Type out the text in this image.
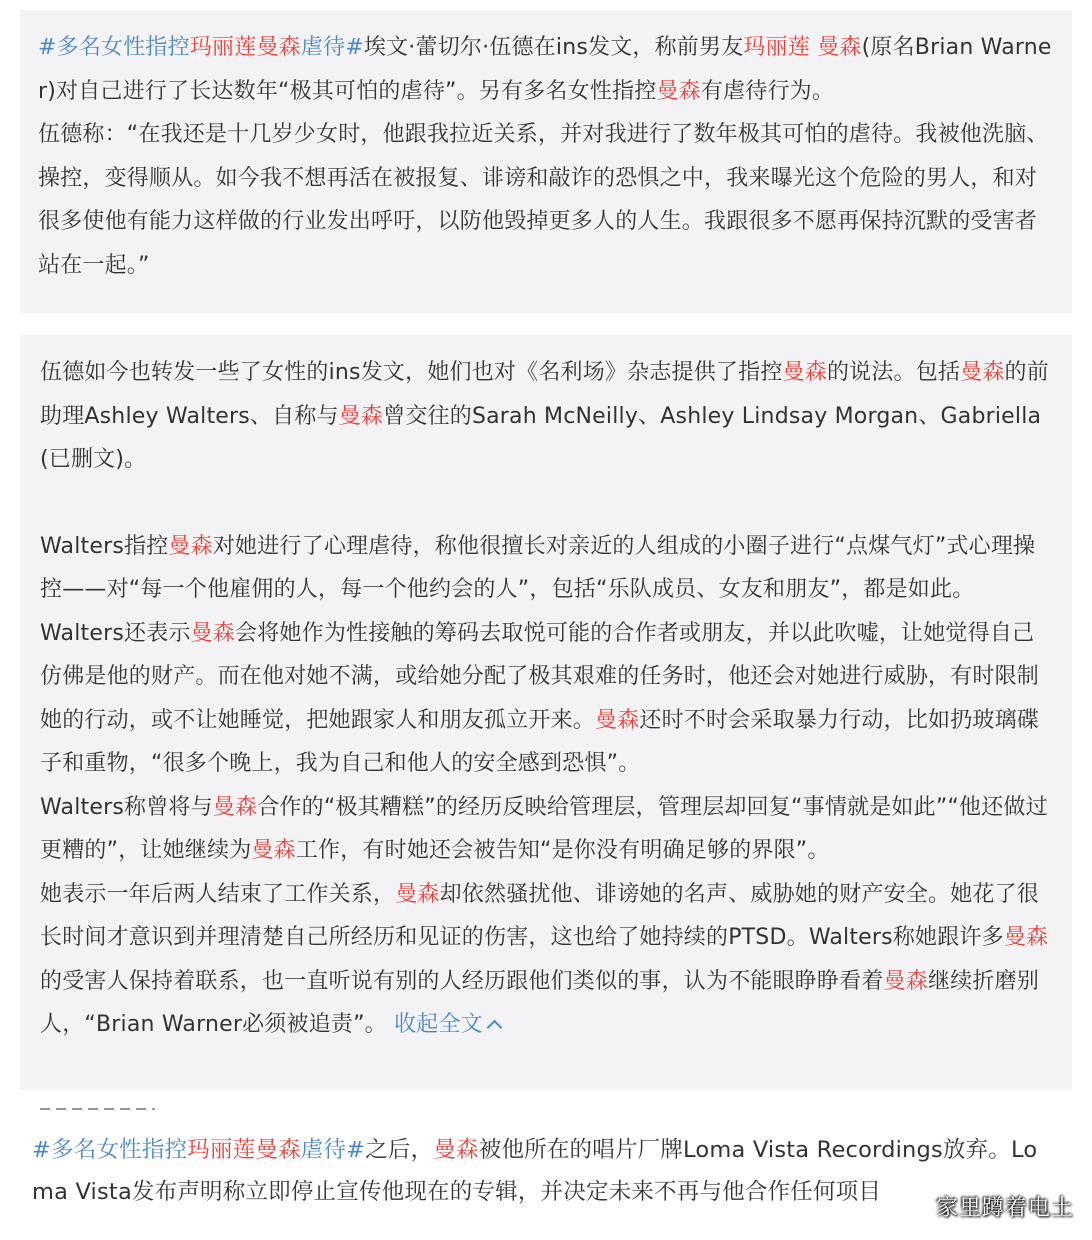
#多名女性指控玛丽莲曼森虐待#埃文·蕾切尔·伍德在ins发文，称前男友玛丽莲 曼森(原名Brian Warner)对自己进行了长达数年“极其可怕的虐待”。另有多名女性指控曼森有虐待行为。

伍德称：“在我还是十几岁少女时，他跟我拉近关系，并对我进行了数年极其可怕的虐待。我被他洗脑、操控，变得顺从。如今我不想再活在被报复、诽谤和敲诈的恐惧之中，我来曝光这个危险的男人，和对很多使他有能力这样做的行业发出呼吁，以防他毁掉更多人的人生。我跟很多不愿再保持沉默的受害者站在一起。”

伍德如今也转发一些了女性的ins发文，她们也对《名利场》杂志提供了指控曼森的说法。包括曼森的前助理Ashley Walters、自称与曼森曾交往的Sarah McNeilly、Ashley Lindsay Morgan、Gabriella(已删文)。

Walters指控曼森对她进行了心理虐待，称他很擅长对亲近的人组成的小圈子进行“点煤气灯”式心理操控——对“每一个他雇佣的人，每一个他约会的人”，包括“乐队成员、女友和朋友”，都是如此。

Walters还表示曼森会将她作为性接触的筹码去取悦可能的合作者或朋友，并以此吹嘘，让她觉得自己仿佛是他的财产。而在他对她不满，或给她分配了极其艰难的任务时，他还会对她进行威胁，有时限制她的行动，或不让她睡觉，把她跟家人和朋友孤立开来。曼森还时不时会采取暴力行动，比如扔玻璃碟子和重物，“很多个晚上，我为自己和他人的安全感到恐惧”。

Walters称曾将与曼森合作的“极其糟糕”的经历反映给管理层，管理层却回复“事情就是如此”“他还做过更糟的”，让她继续为曼森工作，有时她还会被告知“是你没有明确足够的界限”。

她表示一年后两人结束了工作关系，曼森却依然骚扰他、诽谤她的名声、威胁她的财产安全。她花了很长时间才意识到并理清楚自己所经历和见证的伤害，这也给了她持续的PTSD。Walters称她跟许多曼森的受害人保持着联系，也一直听说有别的人经历跟他们类似的事，认为不能眼睁睁看着曼森继续折磨别人，“Brian Warner必须被追责”。 收起全文

#多名女性指控玛丽莲曼森虐待#之后，曼森被他所在的唱片厂牌Loma Vista Recordings放弃。Loma Vista发布声明称立即停止宣传他现在的专辑，并决定未来不再与他合作任何项目

家里蹲着电土
